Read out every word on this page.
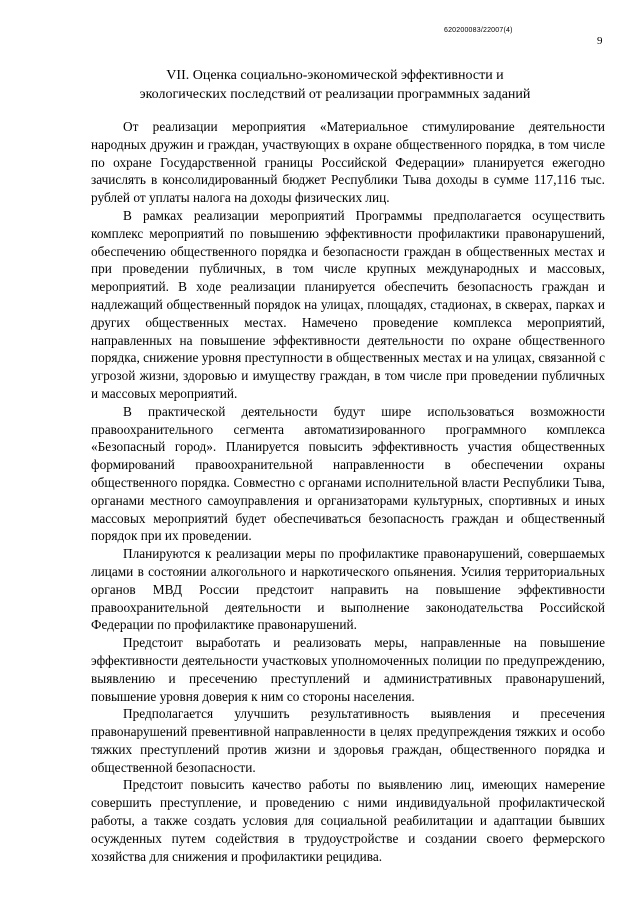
620200083/22007(4)
9
VII. Оценка социально-экономической эффективности и
экологических последствий от реализации программных заданий

От реализации мероприятия «Материальное стимулирование деятельности народных дружин и граждан, участвующих в охране общественного порядка, в том числе по охране Государственной границы Российской Федерации» планируется ежегодно зачислять в консолидированный бюджет Республики Тыва доходы в сумме 117,116 тыс. рублей от уплаты налога на доходы физических лиц.

В рамках реализации мероприятий Программы предполагается осуществить комплекс мероприятий по повышению эффективности профилактики правонарушений, обеспечению общественного порядка и безопасности граждан в общественных местах и при проведении публичных, в том числе крупных международных и массовых, мероприятий. В ходе реализации планируется обеспечить безопасность граждан и надлежащий общественный порядок на улицах, площадях, стадионах, в скверах, парках и других общественных местах. Намечено проведение комплекса мероприятий, направленных на повышение эффективности деятельности по охране общественного порядка, снижение уровня преступности в общественных местах и на улицах, связанной с угрозой жизни, здоровью и имуществу граждан, в том числе при проведении публичных и массовых мероприятий.

В практической деятельности будут шире использоваться возможности правоохранительного сегмента автоматизированного программного комплекса «Безопасный город». Планируется повысить эффективность участия общественных формирований правоохранительной направленности в обеспечении охраны общественного порядка. Совместно с органами исполнительной власти Республики Тыва, органами местного самоуправления и организаторами культурных, спортивных и иных массовых мероприятий будет обеспечиваться безопасность граждан и общественный порядок при их проведении.

Планируются к реализации меры по профилактике правонарушений, совершаемых лицами в состоянии алкогольного и наркотического опьянения. Усилия территориальных органов МВД России предстоит направить на повышение эффективности правоохранительной деятельности и выполнение законодательства Российской Федерации по профилактике правонарушений.

Предстоит выработать и реализовать меры, направленные на повышение эффективности деятельности участковых уполномоченных полиции по предупреждению, выявлению и пресечению преступлений и административных правонарушений, повышение уровня доверия к ним со стороны населения.

Предполагается улучшить результативность выявления и пресечения правонарушений превентивной направленности в целях предупреждения тяжких и особо тяжких преступлений против жизни и здоровья граждан, общественного порядка и общественной безопасности.

Предстоит повысить качество работы по выявлению лиц, имеющих намерение совершить преступление, и проведению с ними индивидуальной профилактической работы, а также создать условия для социальной реабилитации и адаптации бывших осужденных путем содействия в трудоустройстве и создании своего фермерского хозяйства для снижения и профилактики рецидива.
